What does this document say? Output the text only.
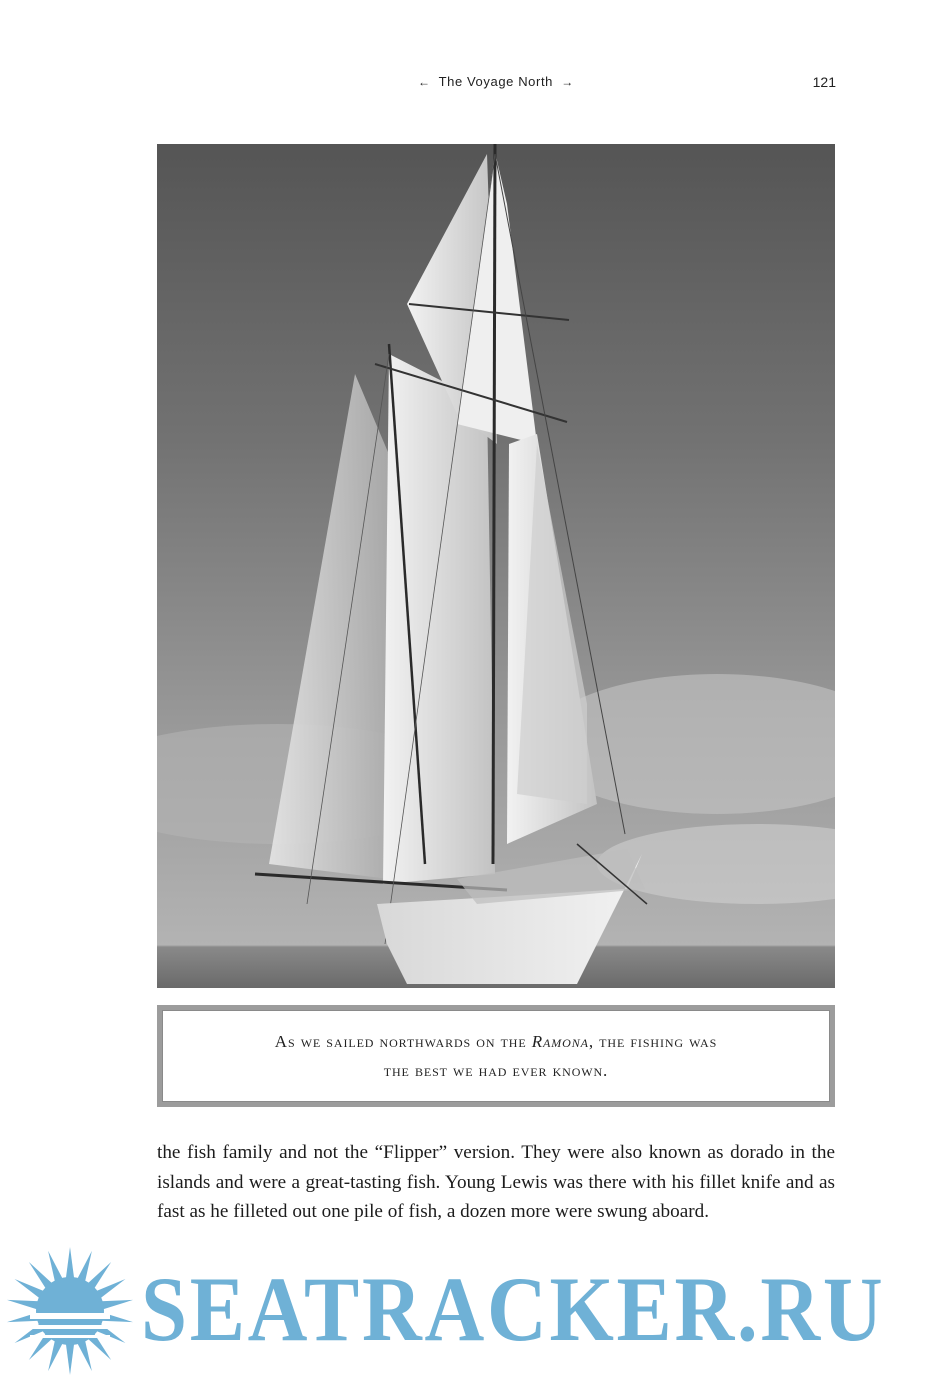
← The Voyage North →	121
As we sailed northwards on the Ramona, the fishing was
the best we had ever known.

the fish family and not the “Flipper” version. They were also known as dorado in the islands and were a great-tasting fish. Young Lewis was there with his fillet knife and as fast as he filleted out one pile of fish, a dozen more were swung aboard.

SEATRACKER.RU
